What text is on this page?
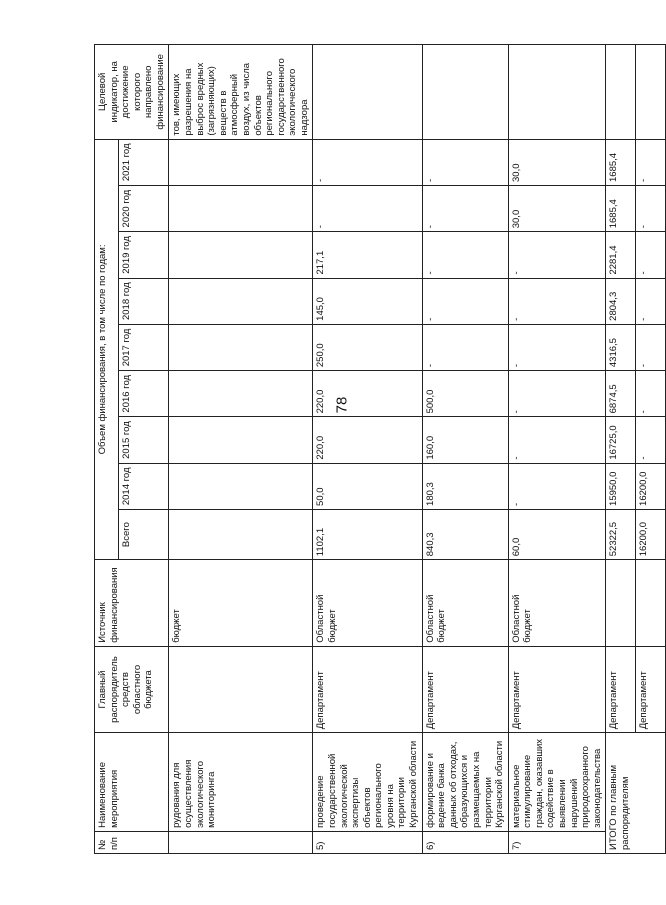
78
№ п/п	Наименование мероприятия	Главный распорядитель средств областного бюджета	Источник финансирования	Объем финансирования, в том числе по годам:									Целевой индикатор, на достижение которого направлено финансирование
				Всего	2014 год	2015 год	2016 год	2017 год	2018 год	2019 год	2020 год	2021 год	
	рудования для осуществления экологического мониторинга		бюджет										тов, имеющих разрешения на выброс вредных (загрязняющих) веществ в атмосферный воздух, из числа объектов регионального государственного экологического надзора
5)	проведение государственной экологической экспертизы объектов регионального уровня на территории Курганской области	Департамент	Областной бюджет	1102,1	50,0	220,0	220,0	250,0	145,0	217,1	-	-	
6)	формирование и ведение банка данных об отходах, образующихся и размещаемых на территории Курганской области	Департамент	Областной бюджет	840,3	180,3	160,0	500,0	-	-	-	-	-	
7)	материальное стимулирование граждан, оказавших содействие в выявлении нарушений природоохранного законодательства	Департамент	Областной бюджет	60,0	-	-	-	-	-	-	30,0	30,0	
ИТОГО по главным распорядителям		Департамент		52322,5	15950,0	16725,0	6874,5	4316,5	2804,3	2281,4	1685,4	1685,4	
		Департамент		16200,0	16200,0	-	-	-	-	-	-	-	
